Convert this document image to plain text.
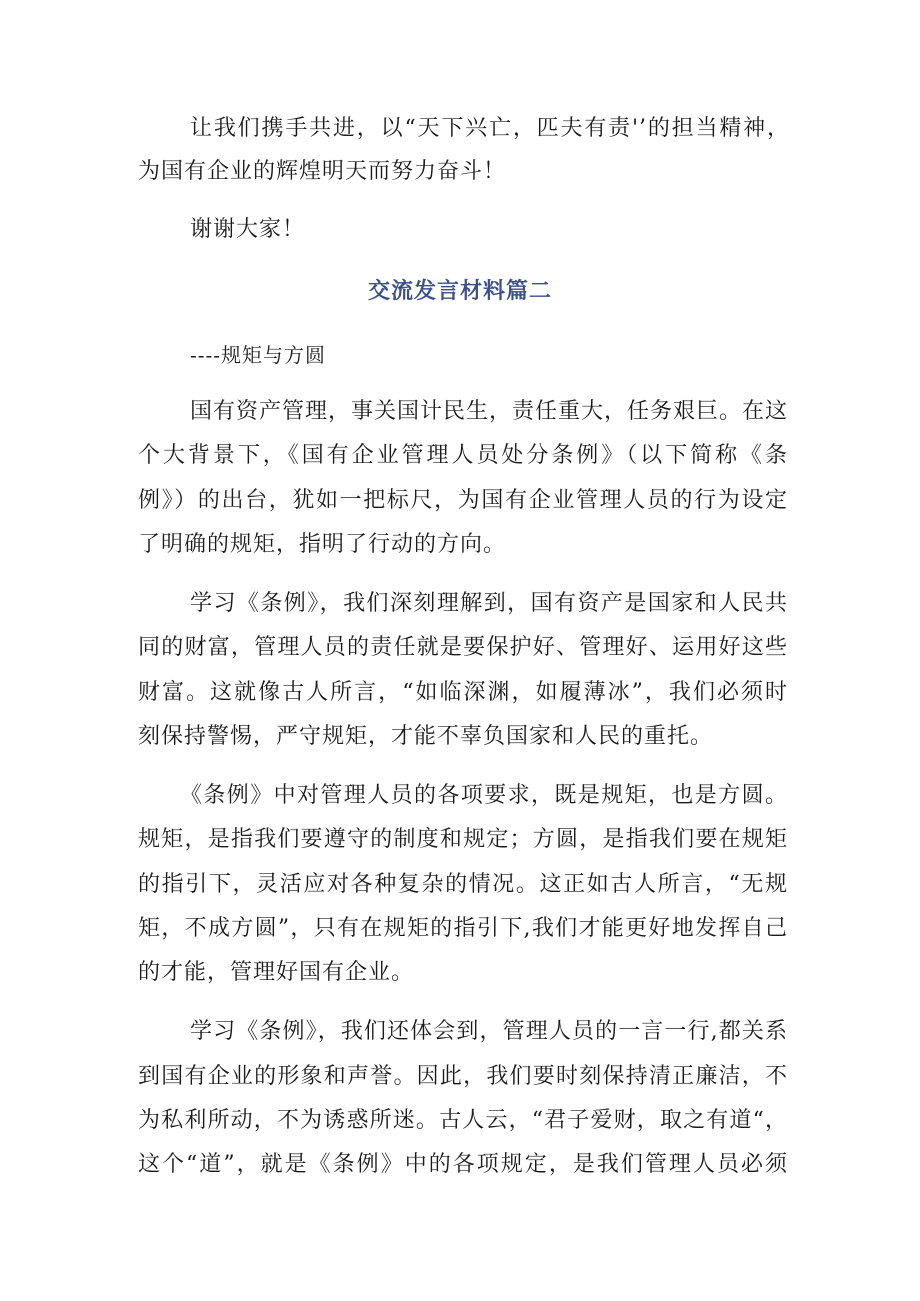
让我们携手共进，以“天下兴亡，匹夫有责'’的担当精神，
为国有企业的辉煌明天而努力奋斗！
谢谢大家！
交流发言材料篇二
----规矩与方圆
国有资产管理，事关国计民生，责任重大，任务艰巨。在这
个大背景下，《国有企业管理人员处分条例》（以下简称《条
例》）的出台，犹如一把标尺，为国有企业管理人员的行为设定
了明确的规矩，指明了行动的方向。
学习《条例》，我们深刻理解到，国有资产是国家和人民共
同的财富，管理人员的责任就是要保护好、管理好、运用好这些
财富。这就像古人所言，“如临深渊，如履薄冰”，我们必须时
刻保持警惕，严守规矩，才能不辜负国家和人民的重托。
《条例》中对管理人员的各项要求，既是规矩，也是方圆。
规矩，是指我们要遵守的制度和规定；方圆，是指我们要在规矩
的指引下，灵活应对各种复杂的情况。这正如古人所言，“无规
矩，不成方圆”，只有在规矩的指引下,我们才能更好地发挥自己
的才能，管理好国有企业。
学习《条例》，我们还体会到，管理人员的一言一行,都关系
到国有企业的形象和声誉。因此，我们要时刻保持清正廉洁，不
为私利所动，不为诱惑所迷。古人云，“君子爱财，取之有道“，
这个“道”，就是《条例》中的各项规定，是我们管理人员必须
